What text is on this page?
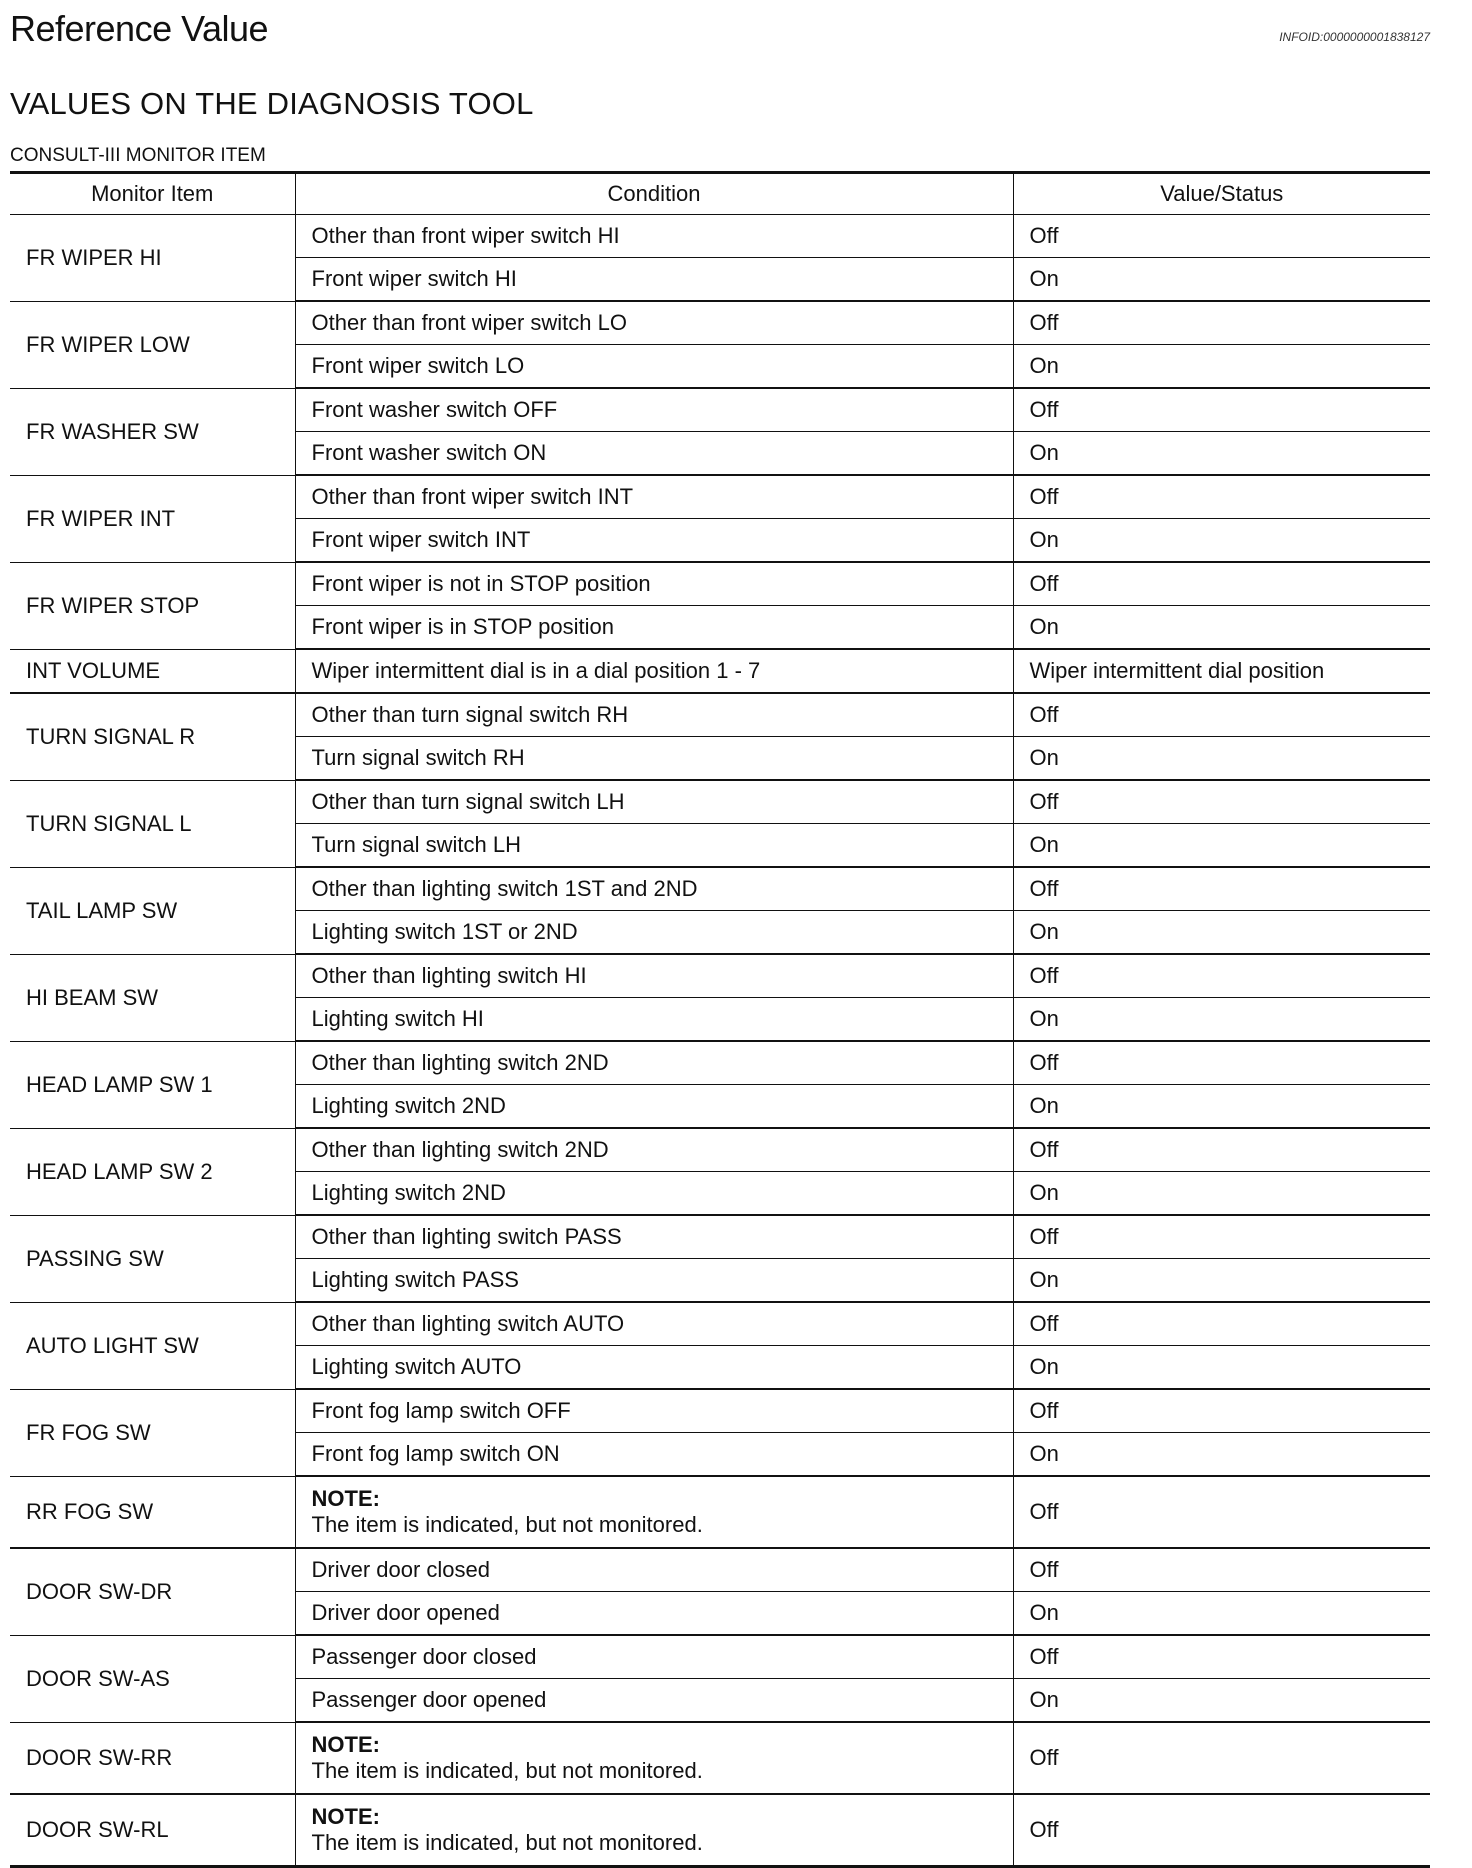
Reference Value	INFOID:0000000001838127
VALUES ON THE DIAGNOSIS TOOL
CONSULT-III MONITOR ITEM
Monitor Item	Condition	Value/Status
FR WIPER HI	Other than front wiper switch HI	Off
	Front wiper switch HI	On
FR WIPER LOW	Other than front wiper switch LO	Off
	Front wiper switch LO	On
FR WASHER SW	Front washer switch OFF	Off
	Front washer switch ON	On
FR WIPER INT	Other than front wiper switch INT	Off
	Front wiper switch INT	On
FR WIPER STOP	Front wiper is not in STOP position	Off
	Front wiper is in STOP position	On
INT VOLUME	Wiper intermittent dial is in a dial position 1 - 7	Wiper intermittent dial position
TURN SIGNAL R	Other than turn signal switch RH	Off
	Turn signal switch RH	On
TURN SIGNAL L	Other than turn signal switch LH	Off
	Turn signal switch LH	On
TAIL LAMP SW	Other than lighting switch 1ST and 2ND	Off
	Lighting switch 1ST or 2ND	On
HI BEAM SW	Other than lighting switch HI	Off
	Lighting switch HI	On
HEAD LAMP SW 1	Other than lighting switch 2ND	Off
	Lighting switch 2ND	On
HEAD LAMP SW 2	Other than lighting switch 2ND	Off
	Lighting switch 2ND	On
PASSING SW	Other than lighting switch PASS	Off
	Lighting switch PASS	On
AUTO LIGHT SW	Other than lighting switch AUTO	Off
	Lighting switch AUTO	On
FR FOG SW	Front fog lamp switch OFF	Off
	Front fog lamp switch ON	On
RR FOG SW	NOTE:
The item is indicated, but not monitored.	Off
DOOR SW-DR	Driver door closed	Off
	Driver door opened	On
DOOR SW-AS	Passenger door closed	Off
	Passenger door opened	On
DOOR SW-RR	NOTE:
The item is indicated, but not monitored.	Off
DOOR SW-RL	NOTE:
The item is indicated, but not monitored.	Off
